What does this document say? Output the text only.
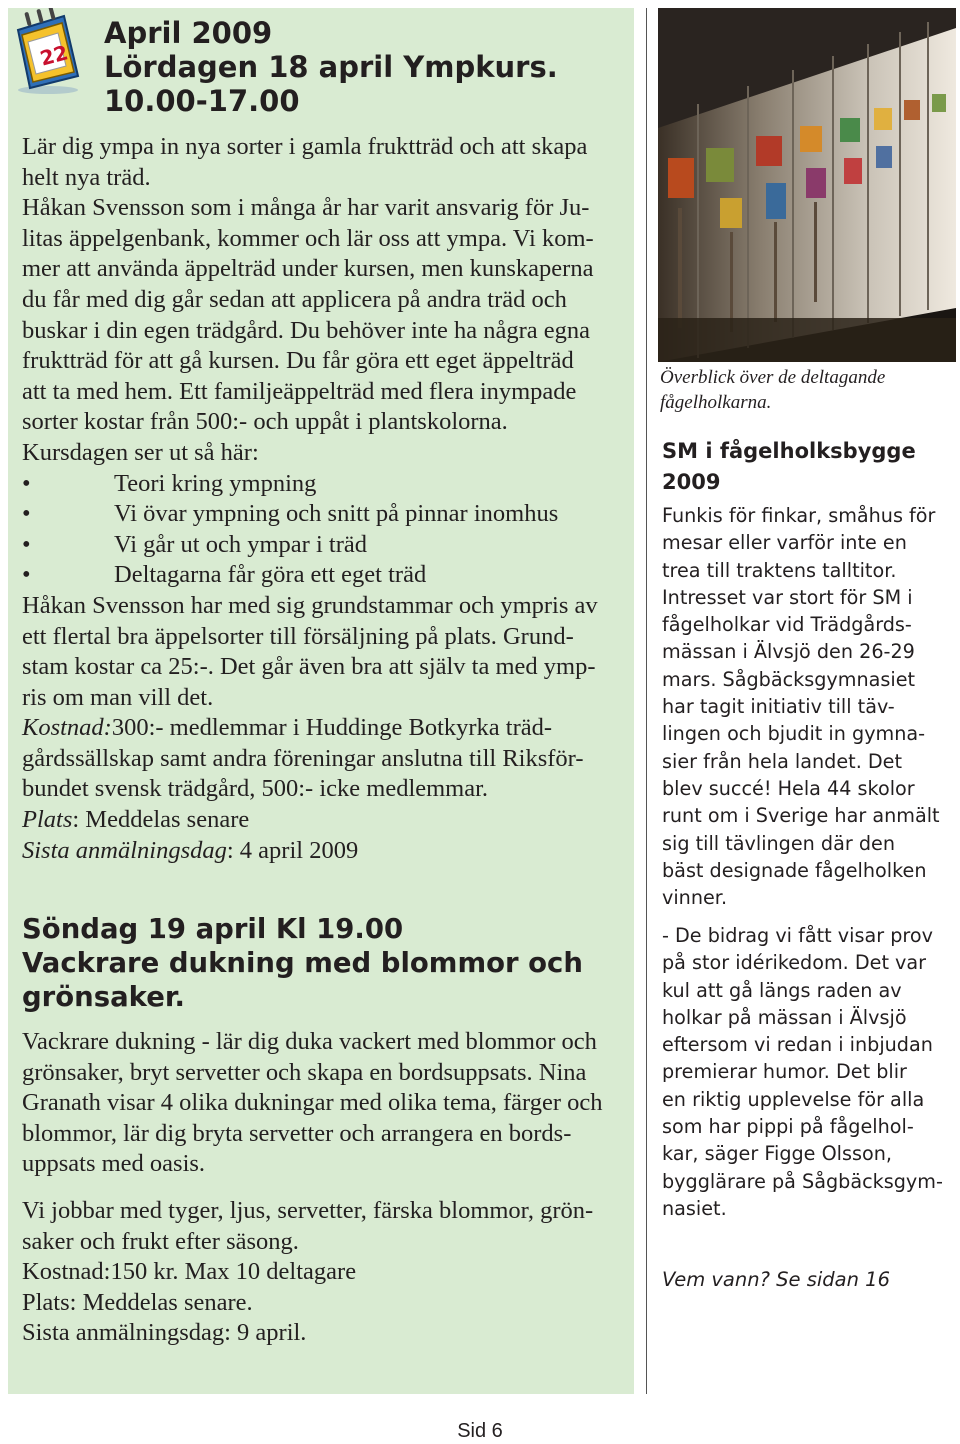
22
April 2009
Lördagen 18 april Ympkurs.
10.00-17.00
Lär dig ympa in nya sorter i gamla fruktträd och att skapa
helt nya träd.
Håkan Svensson som i många år har varit ansvarig för Ju-
litas äppelgenbank, kommer och lär oss att ympa. Vi kom-
mer att använda äppelträd under kursen, men kunskaperna
du får med dig går sedan att applicera på andra träd och
buskar i din egen trädgård. Du behöver inte ha några egna
fruktträd för att gå kursen. Du får göra ett eget äppelträd
att ta med hem. Ett familjeäppelträd med flera inympade
sorter kostar från 500:- och uppåt i plantskolorna.
Kursdagen ser ut så här:
•	Teori kring ympning
•	Vi övar ympning och snitt på pinnar inomhus
•	Vi går ut och ympar i träd
•	Deltagarna får göra ett eget träd
Håkan Svensson har med sig grundstammar och ympris av
ett flertal bra äppelsorter till försäljning på plats. Grund-
stam kostar ca 25:-. Det går även bra att själv ta med ymp-
ris om man vill det.
Kostnad:300:- medlemmar i Huddinge Botkyrka träd-
gårdssällskap samt andra föreningar anslutna till Riksför-
bundet svensk trädgård, 500:- icke medlemmar.
Plats: Meddelas senare
Sista anmälningsdag: 4 april 2009
Söndag 19 april Kl 19.00
Vackrare dukning med blommor och
grönsaker.
Vackrare dukning - lär dig duka vackert med blommor och
grönsaker, bryt servetter och skapa en bordsuppsats. Nina
Granath visar 4 olika dukningar med olika tema, färger och
blommor, lär dig bryta servetter och arrangera en bords-
uppsats med oasis.
Vi jobbar med tyger, ljus, servetter, färska blommor, grön-
saker och frukt efter säsong.
Kostnad:150 kr. Max 10 deltagare
Plats: Meddelas senare.
Sista anmälningsdag: 9 april.
Överblick över de deltagande
fågelholkarna.
SM i fågelholksbygge
2009
Funkis för finkar, småhus för
mesar eller varför inte en
trea till traktens talltitor.
Intresset var stort för SM i
fågelholkar vid Trädgårds-
mässan i Älvsjö den 26-29
mars. Sågbäcksgymnasiet
har tagit initiativ till täv-
lingen och bjudit in gymna-
sier från hela landet. Det
blev succé! Hela 44 skolor
runt om i Sverige har anmält
sig till tävlingen där den
bäst designade fågelholken
vinner.
- De bidrag vi fått visar prov
på stor idérikedom. Det var
kul att gå längs raden av
holkar på mässan i Älvsjö
eftersom vi redan i inbjudan
premierar humor. Det blir
en riktig upplevelse för alla
som har pippi på fågelhol-
kar, säger Figge Olsson,
bygglärare på Sågbäcksgym-
nasiet.
Vem vann? Se sidan 16
Sid 6
